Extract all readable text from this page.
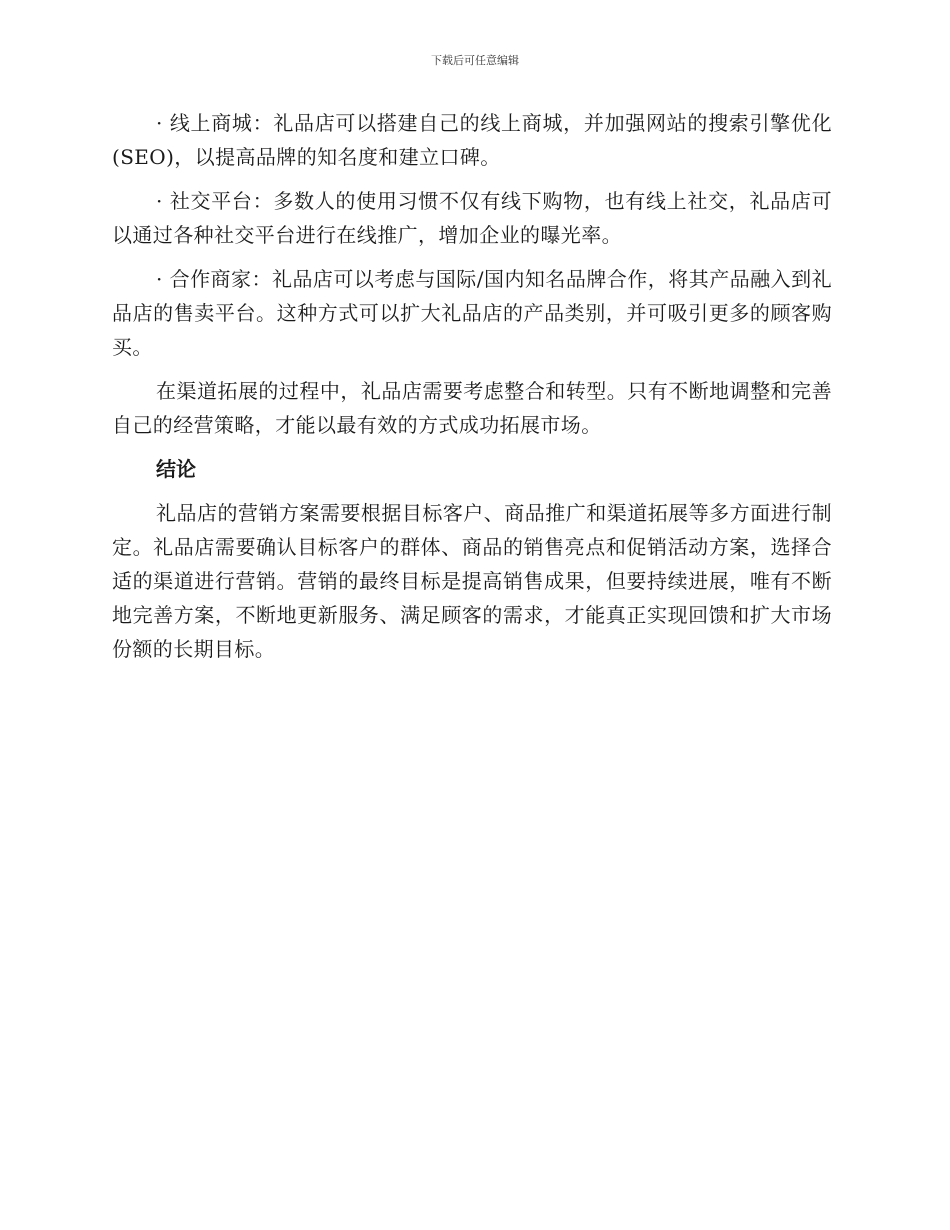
下载后可任意编辑

· 线上商城：礼品店可以搭建自己的线上商城，并加强网站的搜索引擎优化(SEO)，以提高品牌的知名度和建立口碑。

· 社交平台：多数人的使用习惯不仅有线下购物，也有线上社交，礼品店可以通过各种社交平台进行在线推广，增加企业的曝光率。

· 合作商家：礼品店可以考虑与国际/国内知名品牌合作，将其产品融入到礼品店的售卖平台。这种方式可以扩大礼品店的产品类别，并可吸引更多的顾客购买。

在渠道拓展的过程中，礼品店需要考虑整合和转型。只有不断地调整和完善自己的经营策略，才能以最有效的方式成功拓展市场。

结论

礼品店的营销方案需要根据目标客户、商品推广和渠道拓展等多方面进行制定。礼品店需要确认目标客户的群体、商品的销售亮点和促销活动方案，选择合适的渠道进行营销。营销的最终目标是提高销售成果，但要持续进展，唯有不断地完善方案，不断地更新服务、满足顾客的需求，才能真正实现回馈和扩大市场份额的长期目标。
